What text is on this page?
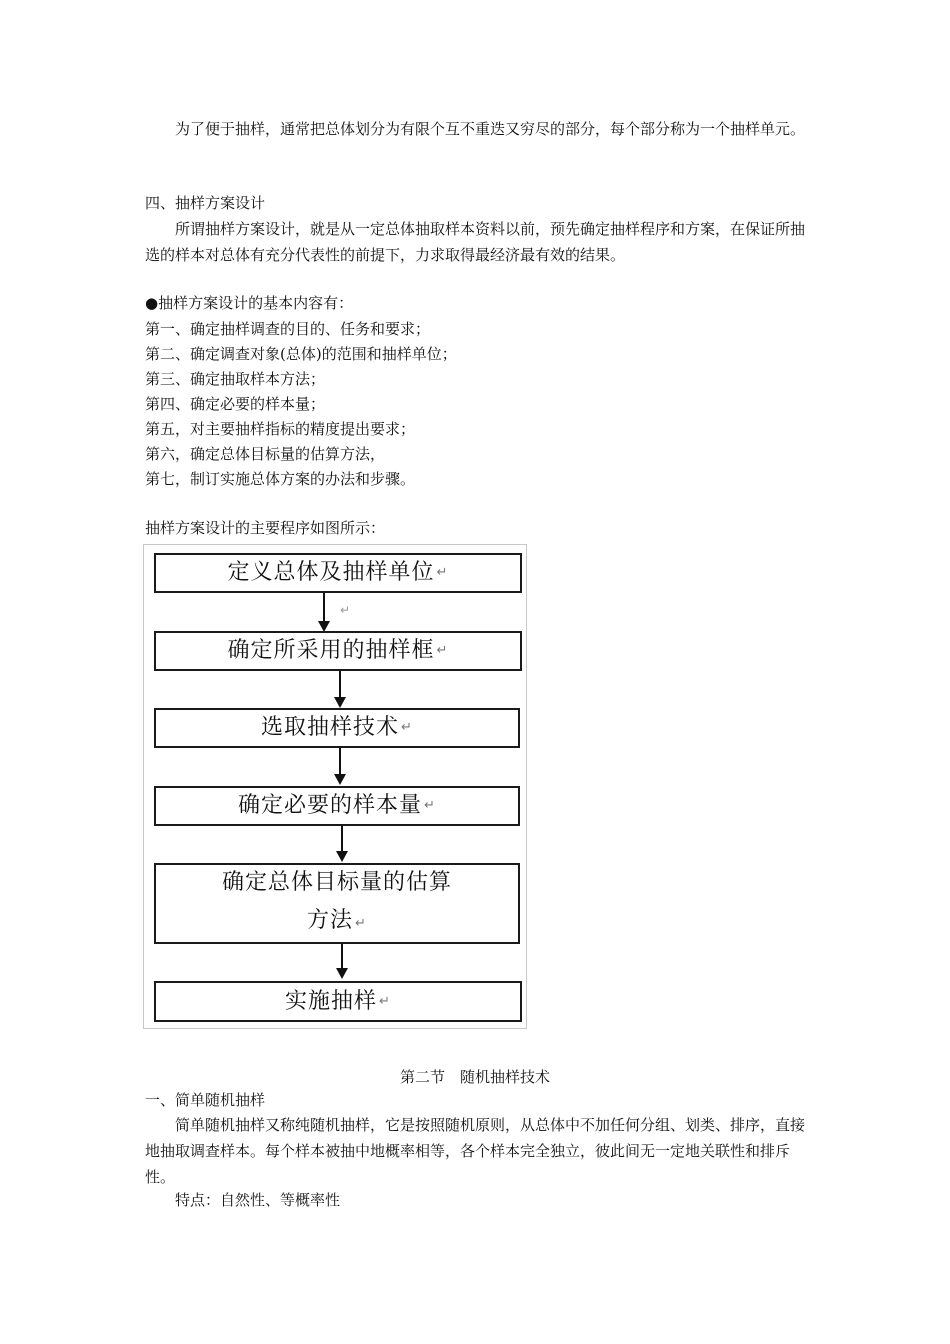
为了便于抽样，通常把总体划分为有限个互不重迭又穷尽的部分，每个部分称为一个抽样单元。

四、抽样方案设计

所谓抽样方案设计，就是从一定总体抽取样本资料以前，预先确定抽样程序和方案，在保证所抽选的样本对总体有充分代表性的前提下，力求取得最经济最有效的结果。

●抽样方案设计的基本内容有：

第一、确定抽样调查的目的、任务和要求；

第二、确定调查对象(总体)的范围和抽样单位；

第三、确定抽取样本方法；

第四、确定必要的样本量；

第五，对主要抽样指标的精度提出要求；

第六，确定总体目标量的估算方法，

第七，制订实施总体方案的办法和步骤。

抽样方案设计的主要程序如图所示：

定义总体及抽样单位 ↵
↵
确定所采用的抽样框 ↵
选取抽样技术 ↵
确定必要的样本量 ↵
确定总体目标量的估算
方法 ↵
实施抽样 ↵

第二节　随机抽样技术

一、简单随机抽样

简单随机抽样又称纯随机抽样，它是按照随机原则，从总体中不加任何分组、划类、排序，直接地抽取调查样本。每个样本被抽中地概率相等，各个样本完全独立，彼此间无一定地关联性和排斥性。

特点：自然性、等概率性
